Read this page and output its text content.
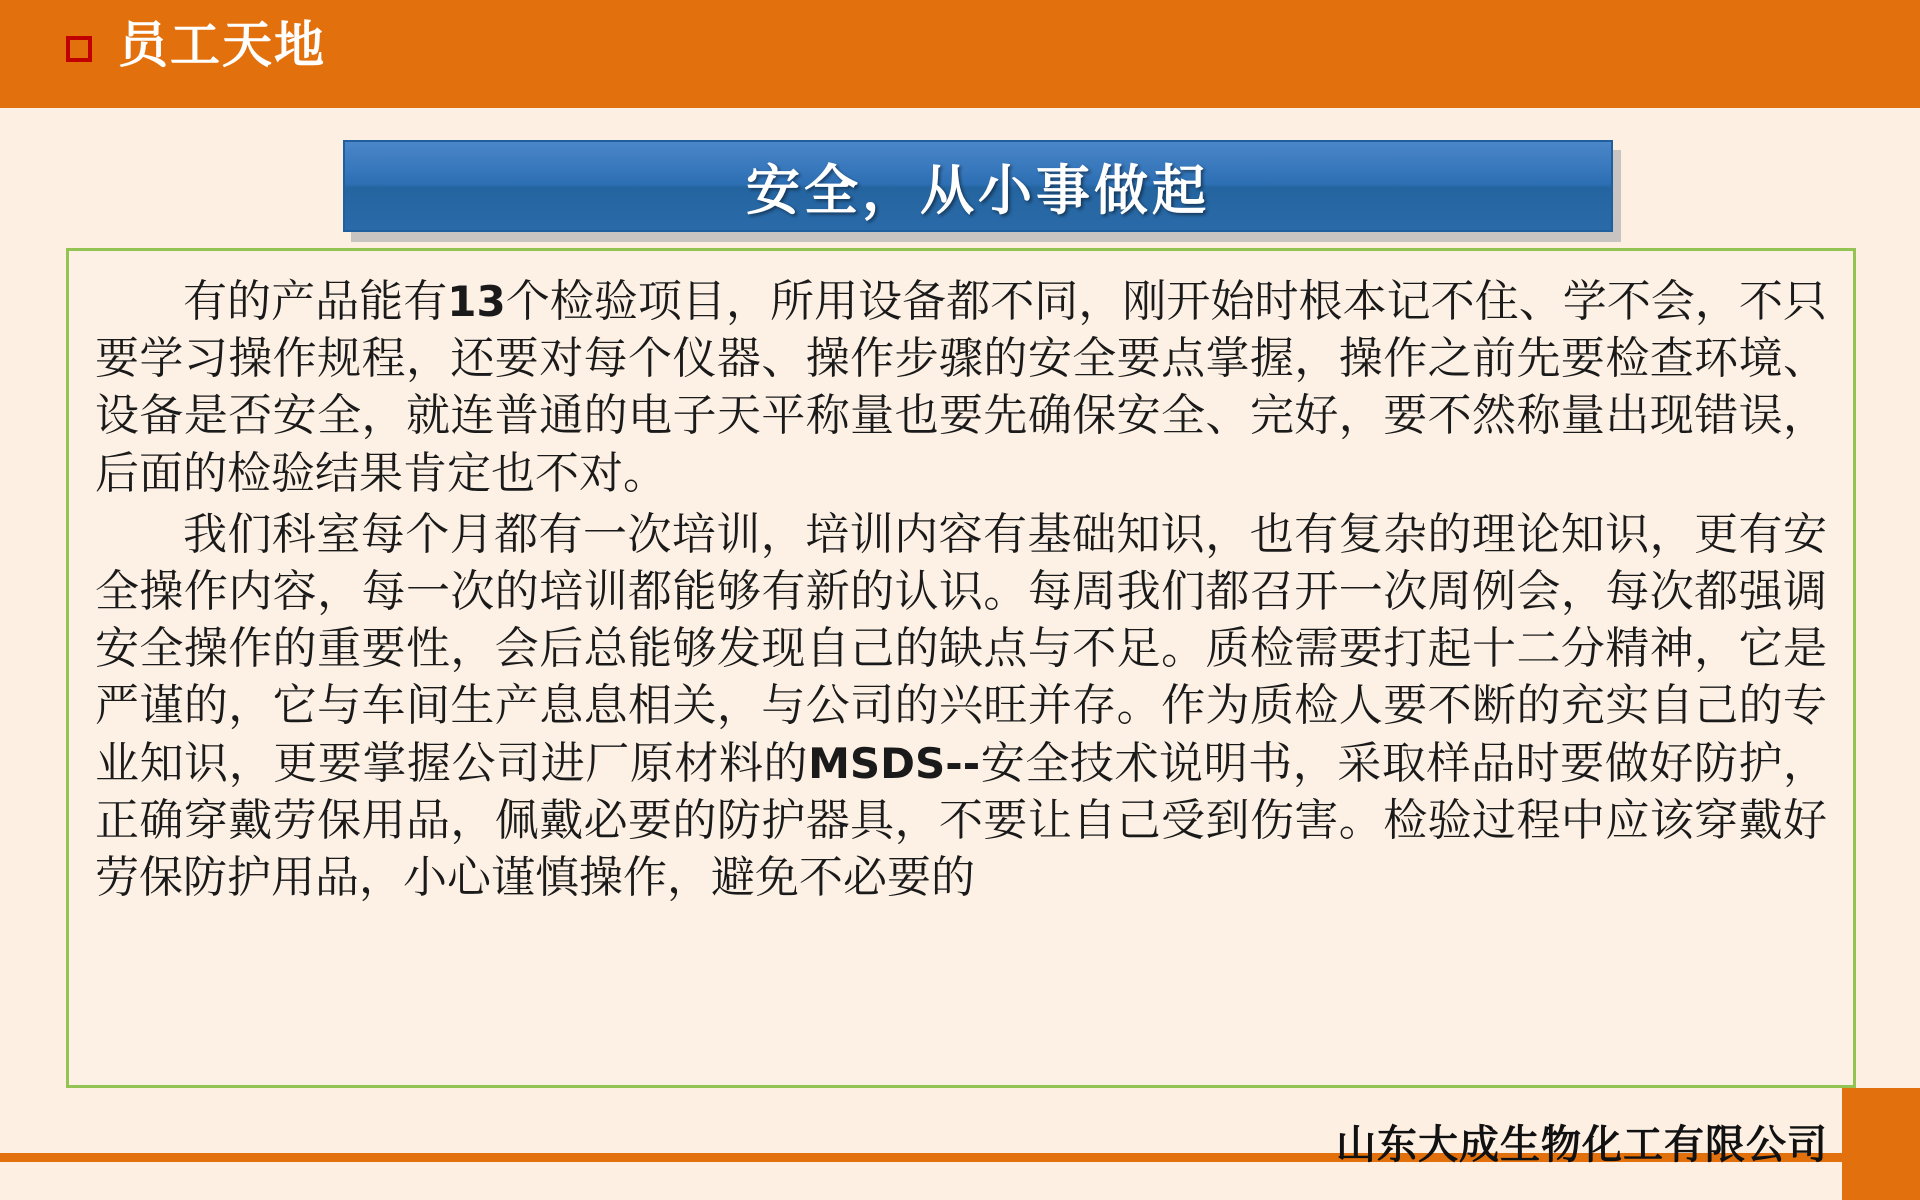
员工天地
安全，从小事做起

有的产品能有13个检验项目，所用设备都不同，刚开始时根本记不住、学不会，不只要学习操作规程，还要对每个仪器、操作步骤的安全要点掌握，操作之前先要检查环境、设备是否安全，就连普通的电子天平称量也要先确保安全、完好，要不然称量出现错误，后面的检验结果肯定也不对。

我们科室每个月都有一次培训，培训内容有基础知识，也有复杂的理论知识，更有安全操作内容，每一次的培训都能够有新的认识。每周我们都召开一次周例会，每次都强调安全操作的重要性，会后总能够发现自己的缺点与不足。质检需要打起十二分精神，它是严谨的，它与车间生产息息相关，与公司的兴旺并存。作为质检人要不断的充实自己的专业知识，更要掌握公司进厂原材料的MSDS--安全技术说明书，采取样品时要做好防护，正确穿戴劳保用品，佩戴必要的防护器具，不要让自己受到伤害。检验过程中应该穿戴好劳保防护用品，小心谨慎操作，避免不必要的

山东大成生物化工有限公司
